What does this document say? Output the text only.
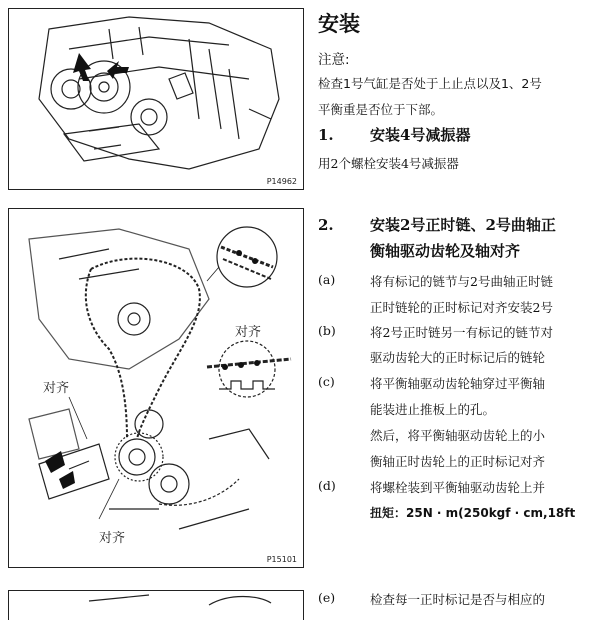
P14962
对齐
对齐
对齐
P15101
安装
注意:
检查1号气缸是否处于上止点以及1、2号
平衡重是否位于下部。
1. 安装4号减振器
用2个螺栓安装4号减振器
2. 安装2号正时链、2号曲轴正
衡轴驱动齿轮及轴对齐
(a)	将有标记的链节与2号曲轴正时链
正时链轮的正时标记对齐安装2号
(b)	将2号正时链另一有标记的链节对
驱动齿轮大的正时标记后的链轮
(c)	将平衡轴驱动齿轮轴穿过平衡轴
能装进止推板上的孔。
然后，将平衡轴驱动齿轮上的小
衡轴正时齿轮上的正时标记对齐
(d)	将螺栓装到平衡轴驱动齿轮上并
扭矩：25N · m(250kgf · cm,18ft
(e)	检查每一正时标记是否与相应的
